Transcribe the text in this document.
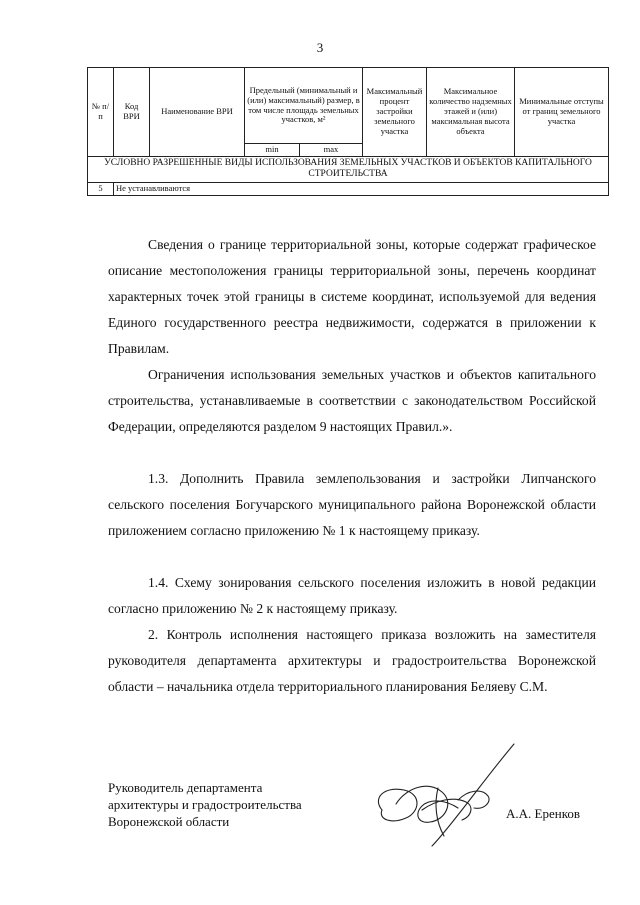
3
№ п/п	Код ВРИ	Наименование ВРИ	Предельный (минимальный и (или) максимальный) размер, в том числе площадь земельных участков, м²		Максимальный процент застройки земельного участка	Максимальное количество надземных этажей и (или) максимальная высота объекта	Минимальные отступы от границ земельного участка
			min	max			
УСЛОВНО РАЗРЕШЕННЫЕ ВИДЫ ИСПОЛЬЗОВАНИЯ ЗЕМЕЛЬНЫХ УЧАСТКОВ И ОБЪЕКТОВ КАПИТАЛЬНОГО СТРОИТЕЛЬСТВА							
5	Не устанавливаются						
Сведения о границе территориальной зоны, которые содержат графическое описание местоположения границы территориальной зоны, перечень координат характерных точек этой границы в системе координат, используемой для ведения Единого государственного реестра недвижимости, содержатся в приложении к Правилам.
Ограничения использования земельных участков и объектов капитального строительства, устанавливаемые в соответствии с законодательством Российской Федерации, определяются разделом 9 настоящих Правил.».
1.3. Дополнить Правила землепользования и застройки Липчанского сельского поселения Богучарского муниципального района Воронежской области приложением согласно приложению № 1 к настоящему приказу.
1.4. Схему зонирования сельского поселения изложить в новой редакции согласно приложению № 2 к настоящему приказу.
2. Контроль исполнения настоящего приказа возложить на заместителя руководителя департамента архитектуры и градостроительства Воронежской области – начальника отдела территориального планирования Беляеву С.М.
Руководитель департамента
архитектуры и градостроительства
Воронежской области
А.А. Еренков
